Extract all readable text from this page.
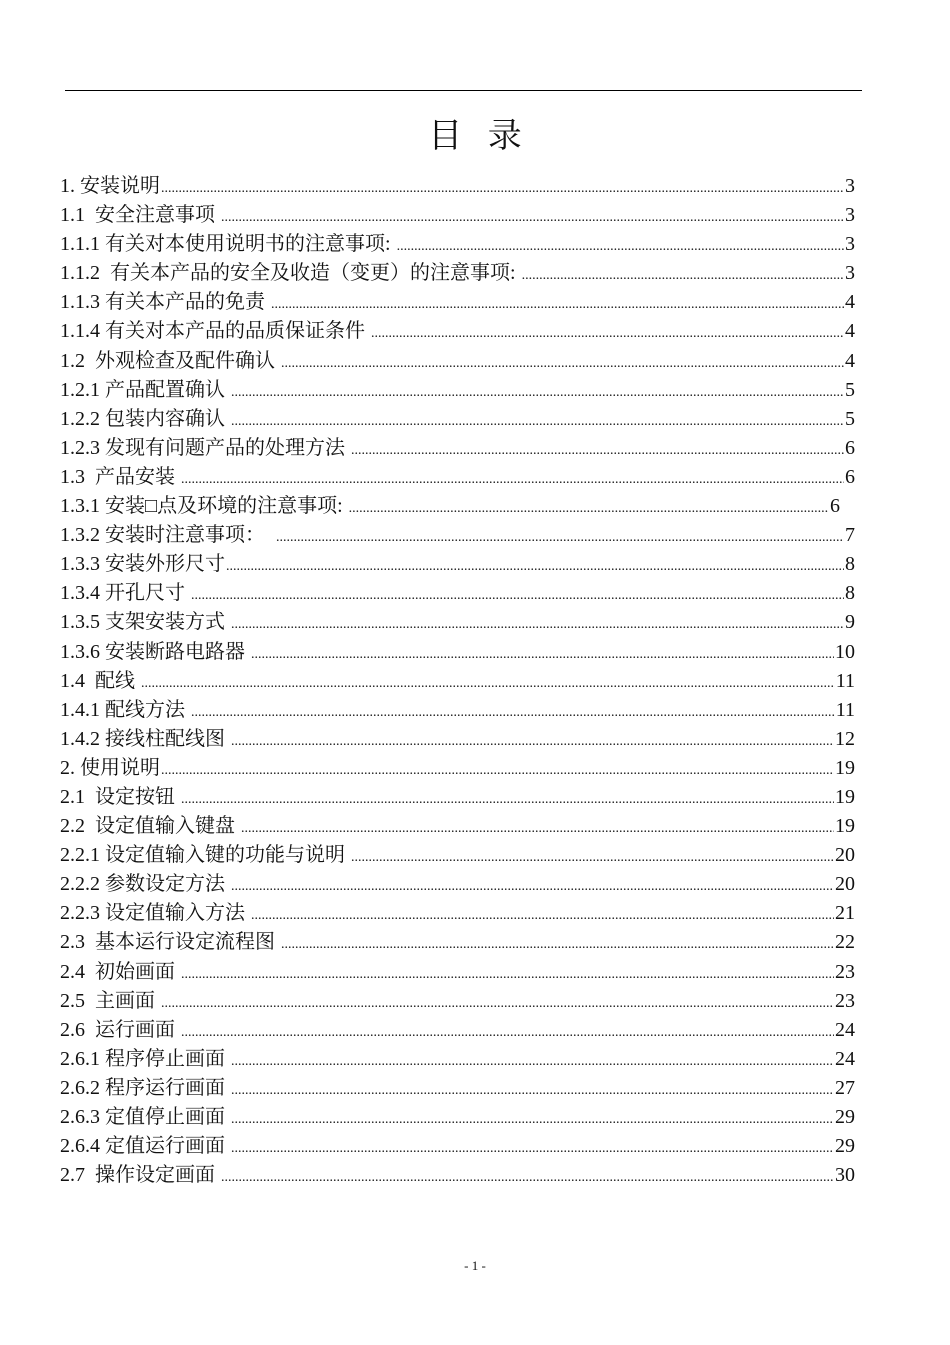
目   录
1. 安装说明 .....	3
1.1  安全注意事项 .....	3
1.1.1 有关对本使用说明书的注意事项: .....	3
1.1.2  有关本产品的安全及收造（变更）的注意事项: .....	3
1.1.3 有关本产品的免责 .....	4
1.1.4 有关对本产品的品质保证条件 .....	4
1.2  外观检查及配件确认 .....	4
1.2.1 产品配置确认 .....	5
1.2.2 包装内容确认 .....	5
1.2.3 发现有问题产品的处理方法 .....	6
1.3  产品安装 .....	6
1.3.1 安装□点及环境的注意事项: .....	6
1.3.2 安装时注意事项： .....	7
1.3.3 安装外形尺寸 .....	8
1.3.4 开孔尺寸 .....	8
1.3.5 支架安装方式 .....	9
1.3.6 安装断路电路器 .....	10
1.4  配线 .....	11
1.4.1 配线方法 .....	11
1.4.2 接线柱配线图 .....	12
2. 使用说明 .....	19
2.1  设定按钮 .....	19
2.2  设定值输入键盘 .....	19
2.2.1 设定值输入键的功能与说明 .....	20
2.2.2 参数设定方法 .....	20
2.2.3 设定值输入方法 .....	21
2.3  基本运行设定流程图 .....	22
2.4  初始画面 .....	23
2.5  主画面 .....	23
2.6  运行画面 .....	24
2.6.1 程序停止画面 .....	24
2.6.2 程序运行画面 .....	27
2.6.3 定值停止画面 .....	29
2.6.4 定值运行画面 .....	29
2.7  操作设定画面 .....	30
- 1 -
